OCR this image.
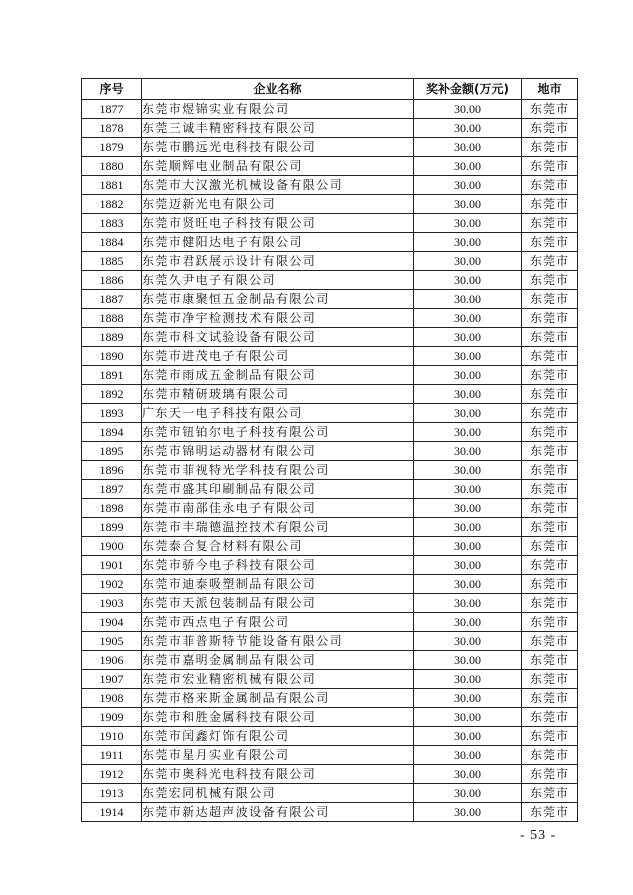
序号	企业名称	奖补金额(万元)	地市
1877	东莞市煜锦实业有限公司	30.00	东莞市
1878	东莞三诚丰精密科技有限公司	30.00	东莞市
1879	东莞市鹏远光电科技有限公司	30.00	东莞市
1880	东莞顺辉电业制品有限公司	30.00	东莞市
1881	东莞市大汉激光机械设备有限公司	30.00	东莞市
1882	东莞迈新光电有限公司	30.00	东莞市
1883	东莞市贤旺电子科技有限公司	30.00	东莞市
1884	东莞市健阳达电子有限公司	30.00	东莞市
1885	东莞市君跃展示设计有限公司	30.00	东莞市
1886	东莞久尹电子有限公司	30.00	东莞市
1887	东莞市康聚恒五金制品有限公司	30.00	东莞市
1888	东莞市净宇检测技术有限公司	30.00	东莞市
1889	东莞市科文试验设备有限公司	30.00	东莞市
1890	东莞市进茂电子有限公司	30.00	东莞市
1891	东莞市雨成五金制品有限公司	30.00	东莞市
1892	东莞市精研玻璃有限公司	30.00	东莞市
1893	广东天一电子科技有限公司	30.00	东莞市
1894	东莞市钮铂尔电子科技有限公司	30.00	东莞市
1895	东莞市锦明运动器材有限公司	30.00	东莞市
1896	东莞市菲视特光学科技有限公司	30.00	东莞市
1897	东莞市盛其印刷制品有限公司	30.00	东莞市
1898	东莞市南部佳永电子有限公司	30.00	东莞市
1899	东莞市丰瑞德温控技术有限公司	30.00	东莞市
1900	东莞泰合复合材料有限公司	30.00	东莞市
1901	东莞市骄今电子科技有限公司	30.00	东莞市
1902	东莞市迪泰吸塑制品有限公司	30.00	东莞市
1903	东莞市天派包装制品有限公司	30.00	东莞市
1904	东莞市西点电子有限公司	30.00	东莞市
1905	东莞市菲普斯特节能设备有限公司	30.00	东莞市
1906	东莞市嘉明金属制品有限公司	30.00	东莞市
1907	东莞市宏业精密机械有限公司	30.00	东莞市
1908	东莞市格来斯金属制品有限公司	30.00	东莞市
1909	东莞市和胜金属科技有限公司	30.00	东莞市
1910	东莞市闰鑫灯饰有限公司	30.00	东莞市
1911	东莞市星月实业有限公司	30.00	东莞市
1912	东莞市奥科光电科技有限公司	30.00	东莞市
1913	东莞宏同机械有限公司	30.00	东莞市
1914	东莞市新达超声波设备有限公司	30.00	东莞市
- 53 -
